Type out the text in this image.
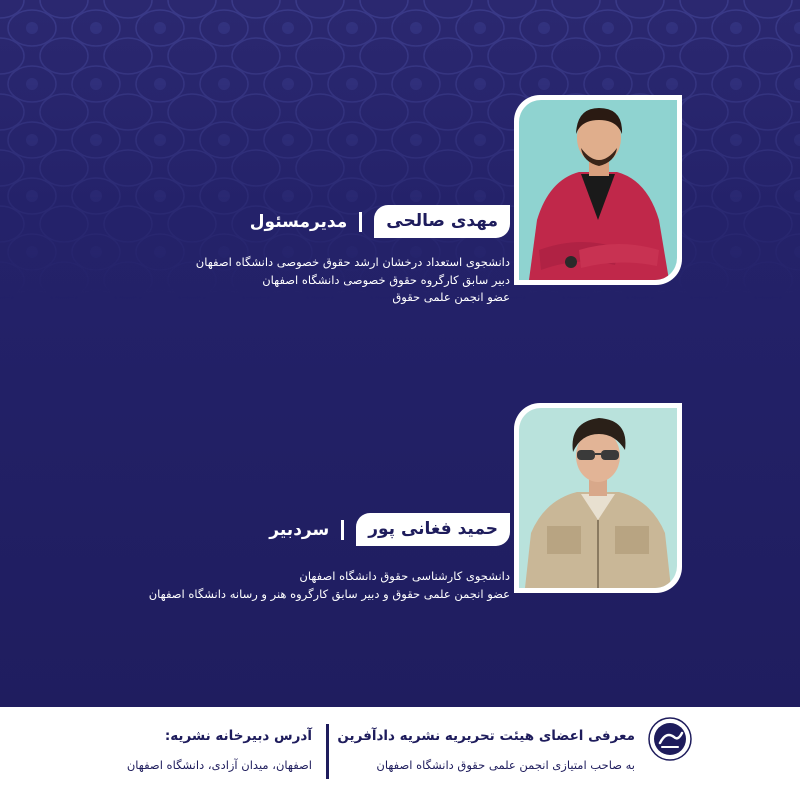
مهدی صالحی
مدیرمسئول
دانشجوی استعداد درخشان ارشد حقوق خصوصی دانشگاه اصفهان
دبیر سابق کارگروه حقوق خصوصی دانشگاه اصفهان
عضو انجمن علمی حقوق
حمید فغانی پور
سردبیر
دانشجوی کارشناسی حقوق دانشگاه اصفهان
عضو انجمن علمی حقوق و دبیر سابق کارگروه هنر و رسانه دانشگاه اصفهان
معرفی اعضای هیئت تحریریه نشریه دادآفرین
به صاحب امتیازی انجمن علمی حقوق دانشگاه اصفهان
آدرس دبیرخانه نشریه:
اصفهان، میدان آزادی، دانشگاه اصفهان
